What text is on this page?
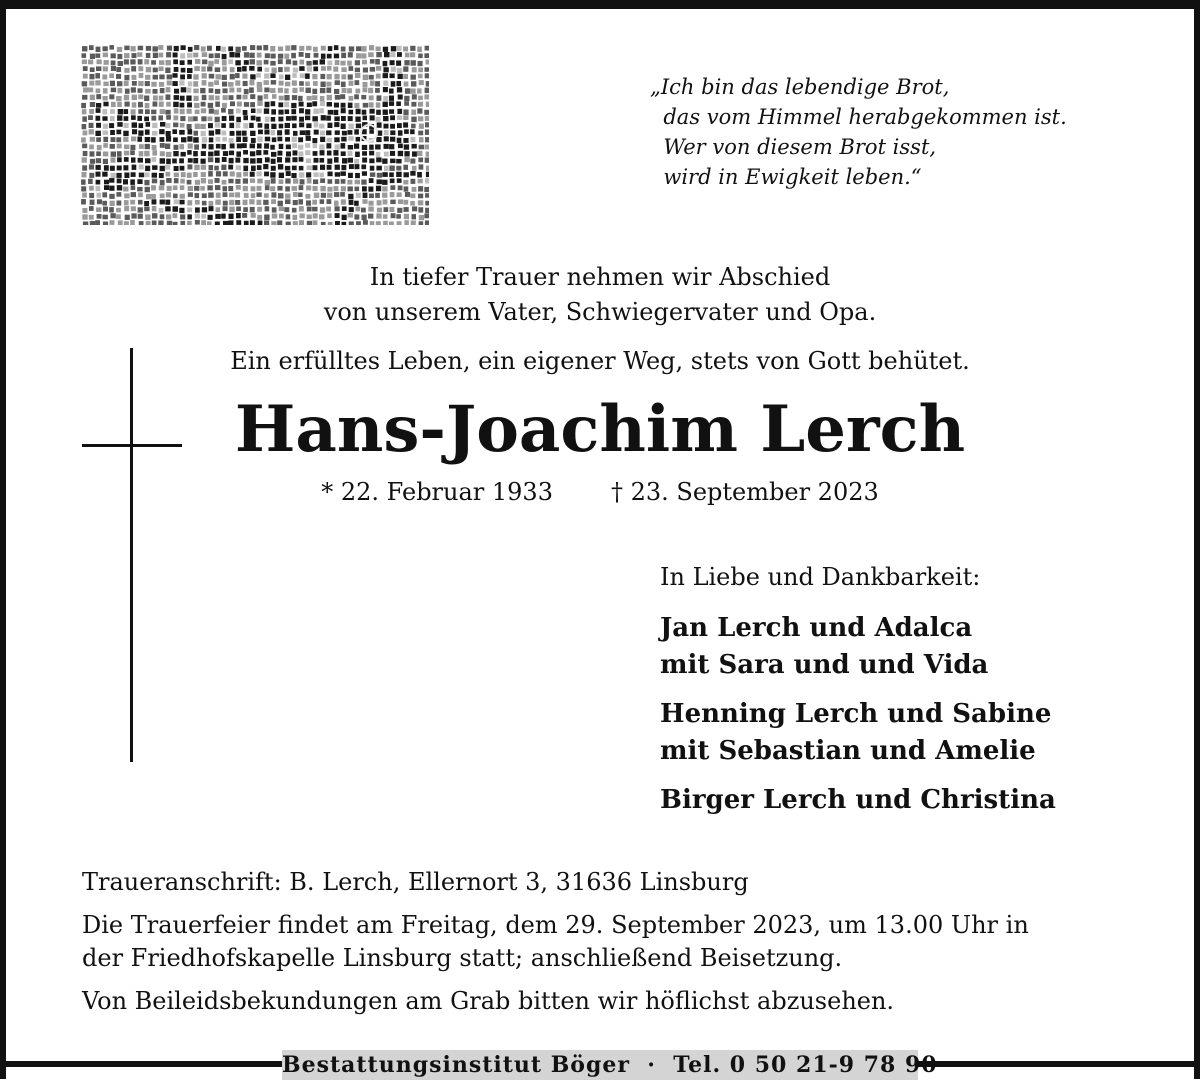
„Ich bin das lebendige Brot,
das vom Himmel herabgekommen ist.
Wer von diesem Brot isst,
wird in Ewigkeit leben.“
In tiefer Trauer nehmen wir Abschied
von unserem Vater, Schwiegervater und Opa.
Ein erfülltes Leben, ein eigener Weg, stets von Gott behütet.
Hans-Joachim Lerch
* 22. Februar 1933 † 23. September 2023
In Liebe und Dankbarkeit:
Jan Lerch und Adalca
mit Sara und und Vida
Henning Lerch und Sabine
mit Sebastian und Amelie
Birger Lerch und Christina

Traueranschrift: B. Lerch, Ellernort 3, 31636 Linsburg

Die Trauerfeier findet am Freitag, dem 29. September 2023, um 13.00 Uhr in
der Friedhofskapelle Linsburg statt; anschließend Beisetzung.

Von Beileidsbekundungen am Grab bitten wir höflichst abzusehen.

Bestattungsinstitut Böger  ·  Tel. 0 50 21-9 78 90
